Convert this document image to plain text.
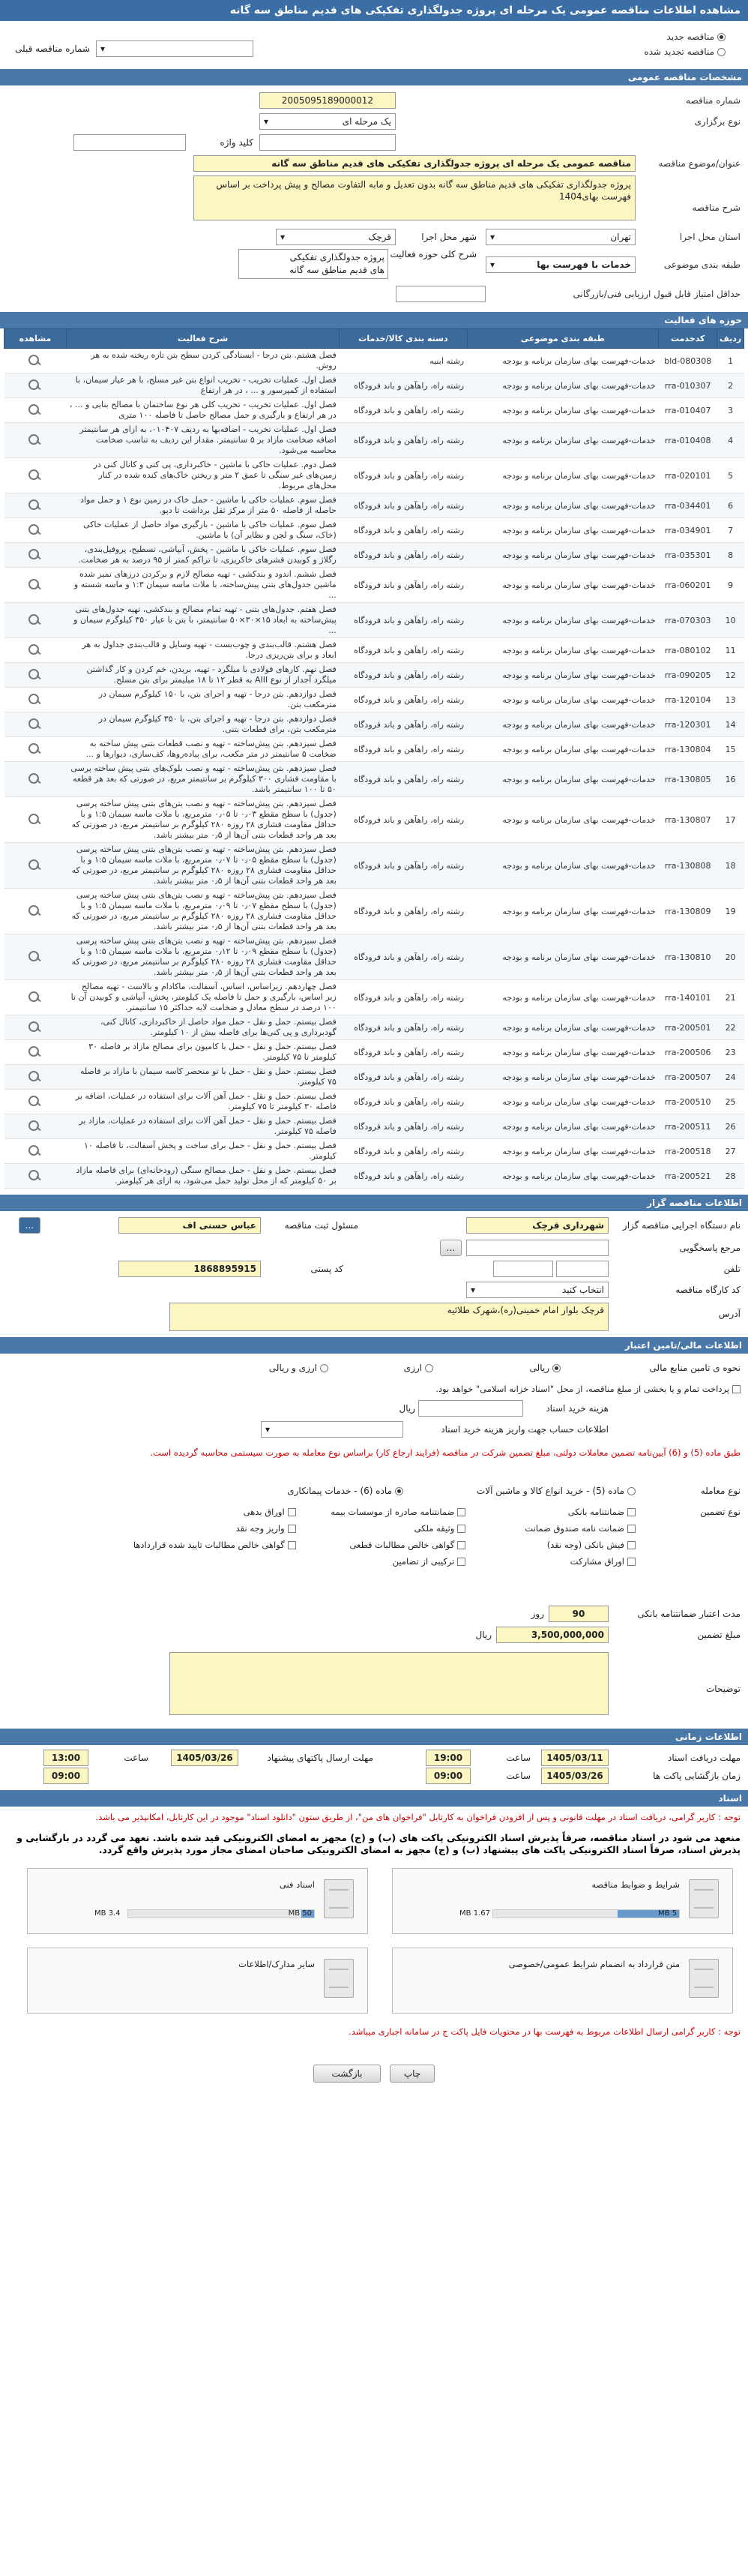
مشاهده اطلاعات مناقصه عمومی یک مرحله ای پروژه جدولگذاری تفکیکی های قدیم مناطق سه گانه
مناقصه جدید
مناقصه تجدید شده
▾
شماره مناقصه قبلی
مشخصات مناقصه عمومی
شماره مناقصه
2005095189000012
نوع برگزاری
یک مرحله ای
▾
کلید واژه
عنوان/موضوع مناقصه
مناقصه عمومی یک مرحله ای پروژه جدولگذاری تفکیکی های قدیم مناطق سه گانه
شرح مناقصه
پروژه جدولگذاری تفکیکی های قدیم مناطق سه گانه بدون تعدیل و مابه التفاوت مصالح و پیش پرداخت بر اساس فهرست بهای1404
استان محل اجرا
تهران
▾
شهر محل اجرا
قرچک
▾
طبقه بندی موضوعی
خدمات با فهرست بها
▾
شرح کلی حوزه فعالیت
پروژه جدولگذاری تفکیکی
های قدیم مناطق سه گانه
حداقل امتیاز قابل قبول ارزیابی فنی/بازرگانی
حوزه های فعالیت
ردیف	کدخدمت	طبقه بندی موضوعی	دسته بندی کالا/خدمات	شرح فعالیت	مشاهده
1	bld-080308	خدمات-فهرست بهای سازمان برنامه و بودجه	رشته ابنیه	فصل هشتم. بتن درجا - ابستادگی کردن سطح بتن تازه ریخته شده به هر روش.	
2	rra-010307	خدمات-فهرست بهای سازمان برنامه و بودجه	رشته راه، راهآهن و باند فرودگاه	فصل اول. عملیات تخریب - تخریب انواع بتن غیر مسلح، با هر عیار سیمان، با استفاده از کمپرسور و ... ، در هر ارتفاع	
3	rra-010407	خدمات-فهرست بهای سازمان برنامه و بودجه	رشته راه، راهآهن و باند فرودگاه	فصل اول. عملیات تخریب - تخریب کلی هر نوع ساختمان با مصالح بنایی و ... ، در هر ارتفاع و بارگیری و حمل مصالح حاصل تا فاصله ۱۰۰ متری	
4	rra-010408	خدمات-فهرست بهای سازمان برنامه و بودجه	رشته راه، راهآهن و باند فرودگاه	فصل اول. عملیات تخریب - اضافه‌بها به ردیف ۰۱۰۴۰۷، به ازای هر سانتیمتر اضافه ضخامت مازاد بر ۵ سانتیمتر. مقدار این ردیف به تناسب ضخامت محاسبه می‌شود.	
5	rra-020101	خدمات-فهرست بهای سازمان برنامه و بودجه	رشته راه، راهآهن و باند فرودگاه	فصل دوم. عملیات خاکی با ماشین - خاکبرداری، پی کنی و کانال کنی در زمین‌های غیر سنگی تا عمق ۲ متر و ریختن خاک‌های کنده شده در کنار محل‌های مربوط.	
6	rra-034401	خدمات-فهرست بهای سازمان برنامه و بودجه	رشته راه، راهآهن و باند فرودگاه	فصل سوم. عملیات خاکی با ماشین - حمل خاک در زمین نوع ۱ و حمل مواد حاصله از فاصله ۵۰ متر از مرکز ثقل برداشت تا دپو.	
7	rra-034901	خدمات-فهرست بهای سازمان برنامه و بودجه	رشته راه، راهآهن و باند فرودگاه	فصل سوم. عملیات خاکی با ماشین - بارگیری مواد حاصل از عملیات خاکی (خاک، سنگ و لجن و نظایر آن) با ماشین.	
8	rra-035301	خدمات-فهرست بهای سازمان برنامه و بودجه	رشته راه، راهآهن و باند فرودگاه	فصل سوم. عملیات خاکی با ماشین - پخش، آبپاشی، تسطیح، پروفیل‌بندی، رگلاژ و کوبیدن قشرهای خاکریزی، تا تراکم کمتر از ۹۵ درصد به هر ضخامت.	
9	rra-060201	خدمات-فهرست بهای سازمان برنامه و بودجه	رشته راه، راهآهن و باند فرودگاه	فصل ششم. اندود و بندکشی - تهیه مصالح لازم و برکردن درزهای تمیز شده ماشین جدول‌های بتنی پیش‌ساخته، با ملات ماسه سیمان ۱:۳ و ماسه شسته و ...	
10	rra-070303	خدمات-فهرست بهای سازمان برنامه و بودجه	رشته راه، راهآهن و باند فرودگاه	فصل هفتم. جدول‌های بتنی - تهیه تمام مصالح و بندکشی، تهیه جدول‌های بتنی پیش‌ساخته به ابعاد ۱۵×۳۰×۵۰ سانتیمتر، با بتن با عیار ۳۵۰ کیلوگرم سیمان و ...	
11	rra-080102	خدمات-فهرست بهای سازمان برنامه و بودجه	رشته راه، راهآهن و باند فرودگاه	فصل هشتم. قالب‌بندی و چوب‌بست - تهیه وسایل و قالب‌بندی جداول به هر ابعاد و برای بتن‌ریزی درجا.	
12	rra-090205	خدمات-فهرست بهای سازمان برنامه و بودجه	رشته راه، راهآهن و باند فرودگاه	فصل نهم. کارهای فولادی با میلگرد - تهیه، بریدن، خم کردن و کار گذاشتن میلگرد آجدار از نوع AIII به قطر ۱۲ تا ۱۸ میلیمتر برای بتن مسلح.	
13	rra-120104	خدمات-فهرست بهای سازمان برنامه و بودجه	رشته راه، راهآهن و باند فرودگاه	فصل دوازدهم. بتن درجا - تهیه و اجرای بتن، با ۱۵۰ کیلوگرم سیمان در مترمکعب بتن.	
14	rra-120301	خدمات-فهرست بهای سازمان برنامه و بودجه	رشته راه، راهآهن و باند فرودگاه	فصل دوازدهم. بتن درجا - تهیه و اجرای بتن، با ۳۵۰ کیلوگرم سیمان در مترمکعب بتن، برای قطعات بتنی.	
15	rra-130804	خدمات-فهرست بهای سازمان برنامه و بودجه	رشته راه، راهآهن و باند فرودگاه	فصل سیزدهم. بتن پیش‌ساخته - تهیه و نصب قطعات بتنی پیش ساخته به ضخامت ۵ سانتیمتر در متر مکعب، برای پیاده‌روها، کف‌سازی، دیوارها و ...	
16	rra-130805	خدمات-فهرست بهای سازمان برنامه و بودجه	رشته راه، راهآهن و باند فرودگاه	فصل سیزدهم. بتن پیش‌ساخته - تهیه و نصب بلوک‌های بتنی پیش ساخته پرسی با مقاومت فشاری ۳۰۰ کیلوگرم بر سانتیمتر مربع، در صورتی که بعد هر قطعه ۵۰ تا ۱۰۰ سانتیمتر باشد.	
17	rra-130807	خدمات-فهرست بهای سازمان برنامه و بودجه	رشته راه، راهآهن و باند فرودگاه	فصل سیزدهم. بتن پیش‌ساخته - تهیه و نصب بتن‌های بتنی پیش ساخته پرسی (جدول) با سطح مقطع ۰٫۰۳ تا ۰٫۰۵ مترمربع، با ملات ماسه سیمان ۱:۵ و با حداقل مقاومت فشاری ۲۸ روزه ۲۸۰ کیلوگرم بر سانتیمتر مربع، در صورتی که بعد هر واحد قطعات بتنی آن‌ها از ۰٫۵ متر بیشتر باشد.	
18	rra-130808	خدمات-فهرست بهای سازمان برنامه و بودجه	رشته راه، راهآهن و باند فرودگاه	فصل سیزدهم. بتن پیش‌ساخته - تهیه و نصب بتن‌های بتنی پیش ساخته پرسی (جدول) با سطح مقطع ۰٫۰۵ تا ۰٫۰۷ مترمربع، با ملات ماسه سیمان ۱:۵ و با حداقل مقاومت فشاری ۲۸ روزه ۲۸۰ کیلوگرم بر سانتیمتر مربع، در صورتی که بعد هر واحد قطعات بتنی آن‌ها از ۰٫۵ متر بیشتر باشد.	
19	rra-130809	خدمات-فهرست بهای سازمان برنامه و بودجه	رشته راه، راهآهن و باند فرودگاه	فصل سیزدهم. بتن پیش‌ساخته - تهیه و نصب بتن‌های بتنی پیش ساخته پرسی (جدول) با سطح مقطع ۰٫۰۷ تا ۰٫۰۹ مترمربع، با ملات ماسه سیمان ۱:۵ و با حداقل مقاومت فشاری ۲۸ روزه ۲۸۰ کیلوگرم بر سانتیمتر مربع، در صورتی که بعد هر واحد قطعات بتنی آن‌ها از ۰٫۵ متر بیشتر باشد.	
20	rra-130810	خدمات-فهرست بهای سازمان برنامه و بودجه	رشته راه، راهآهن و باند فرودگاه	فصل سیزدهم. بتن پیش‌ساخته - تهیه و نصب بتن‌های بتنی پیش ساخته پرسی (جدول) با سطح مقطع ۰٫۰۹ تا ۰٫۱۲ مترمربع، با ملات ماسه سیمان ۱:۵ و با حداقل مقاومت فشاری ۲۸ روزه ۲۸۰ کیلوگرم بر سانتیمتر مربع، در صورتی که بعد هر واحد قطعات بتنی آن‌ها از ۰٫۵ متر بیشتر باشد.	
21	rra-140101	خدمات-فهرست بهای سازمان برنامه و بودجه	رشته راه، راهآهن و باند فرودگاه	فصل چهاردهم. زیراساس، اساس، آسفالت، ماکادام و بالاست - تهیه مصالح زیر اساس، بارگیری و حمل تا فاصله یک کیلومتر، پخش، آبپاشی و کوبیدن آن تا ۱۰۰ درصد در سطح معادل و ضخامت لایه حداکثر ۱۵ سانتیمتر.	
22	rra-200501	خدمات-فهرست بهای سازمان برنامه و بودجه	رشته راه، راهآهن و باند فرودگاه	فصل بیستم. حمل و نقل - حمل مواد حاصل از خاکبرداری، کانال کنی، گودبرداری و پی کنی‌ها برای فاصله بیش از ۱۰ کیلومتر.	
23	rra-200506	خدمات-فهرست بهای سازمان برنامه و بودجه	رشته راه، راهآهن و باند فرودگاه	فصل بیستم. حمل و نقل - حمل با کامیون برای مصالح مازاد بر فاصله ۳۰ کیلومتر تا ۷۵ کیلومتر.	
24	rra-200507	خدمات-فهرست بهای سازمان برنامه و بودجه	رشته راه، راهآهن و باند فرودگاه	فصل بیستم. حمل و نقل - حمل با تو منحصر کاسه سیمان با مازاد بر فاصله ۷۵ کیلومتر.	
25	rra-200510	خدمات-فهرست بهای سازمان برنامه و بودجه	رشته راه، راهآهن و باند فرودگاه	فصل بیستم. حمل و نقل - حمل آهن آلات برای استفاده در عملیات، اضافه بر فاصله ۳۰ کیلومتر تا ۷۵ کیلومتر.	
26	rra-200511	خدمات-فهرست بهای سازمان برنامه و بودجه	رشته راه، راهآهن و باند فرودگاه	فصل بیستم. حمل و نقل - حمل آهن آلات برای استفاده در عملیات، مازاد بر فاصله ۷۵ کیلومتر.	
27	rra-200518	خدمات-فهرست بهای سازمان برنامه و بودجه	رشته راه، راهآهن و باند فرودگاه	فصل بیستم. حمل و نقل - حمل برای ساخت و پخش آسفالت، تا فاصله ۱۰ کیلومتر.	
28	rra-200521	خدمات-فهرست بهای سازمان برنامه و بودجه	رشته راه، راهآهن و باند فرودگاه	فصل بیستم. حمل و نقل - حمل مصالح سنگی (رودخانه‌ای) برای فاصله مازاد بر ۵۰ کیلومتر که از محل تولید حمل می‌شود، به ازای هر کیلومتر.	
اطلاعات مناقصه گزار
نام دستگاه اجرایی مناقصه گزار
شهرداری قرچک
مسئول ثبت مناقصه
عباس حسنی اف
...
مرجع پاسخگویی
...
تلفن
کد پستی
1868895915
کد کارگاه مناقصه
انتخاب کنید
▾
آدرس
قرچک بلوار امام خمینی(ره)،شهرک طلائیه
اطلاعات مالی/تامین اعتبار
نحوه ی تامین منابع مالی
ریالی
ارزی
ارزی و ریالی
پرداخت تمام و یا بخشی از مبلغ مناقصه، از محل "اسناد خزانه اسلامی" خواهد بود.
هزینه خرید اسناد
ریال
اطلاعات حساب جهت واریز هزینه خرید اسناد
▾
طبق ماده (5) و (6) آیین‌نامه تضمین معاملات دولتی، مبلغ تضمین شرکت در مناقصه (فرایند ارجاع کار) براساس نوع معامله به صورت سیستمی محاسبه گردیده است.
نوع معامله
ماده (5) - خرید انواع کالا و ماشین آلات
ماده (6) - خدمات پیمانکاری
نوع تضمین
ضمانتنامه بانکی
ضمانتنامه صادره از موسسات بیمه
اوراق بدهی
ضمانت نامه صندوق ضمانت
وثیقه ملکی
واریز وجه نقد
فیش بانکی (وجه نقد)
گواهی خالص مطالبات قطعی
گواهی خالص مطالبات تایید شده قراردادها
اوراق مشارکت
ترکیبی از تضامین
مدت اعتبار ضمانتنامه بانکی
90
روز
مبلغ تضمین
3,500,000,000
ریال
توضیحات
اطلاعات زمانی
مهلت دریافت اسناد
1405/03/11
ساعت
19:00
زمان بازگشایی پاکت ها
1405/03/26
ساعت
09:00
مهلت ارسال پاکتهای پیشنهاد
1405/03/26
ساعت
13:00
09:00
اسناد
توجه : کاربر گرامی، دریافت اسناد در مهلت قانونی و پس از افزودن فراخوان به کارتابل "فراخوان های من"، از طریق ستون "دانلود اسناد" موجود در این کارتابل، امکانپذیر می باشد.
منعهد می شود در اسناد مناقصه، صرفاً پذیرش اسناد الکترونیکی پاکت های (ب) و (ج) مجهز به امضای الکترونیکی قید شده باشد. تعهد می گردد در بارگشایی و پذیرش اسناد، صرفاً اسناد الکترونیکی پاکت های پیشنهاد (ب) و (ج) مجهز به امضای الکترونیکی صاحبان امضای مجاز مورد پذیرش واقع گردد.
شرایط و ضوابط مناقصه
1.67 MB	5 MB
اسناد فنی
3.4 MB	50 MB
متن قرارداد به انضمام شرایط عمومی/خصوصی
سایر مدارک/اطلاعات
توجه : کاربر گرامی ارسال اطلاعات مربوط به فهرست بها در محتویات فایل پاکت ج در سامانه اجباری میباشد.
چاپ
بازگشت
